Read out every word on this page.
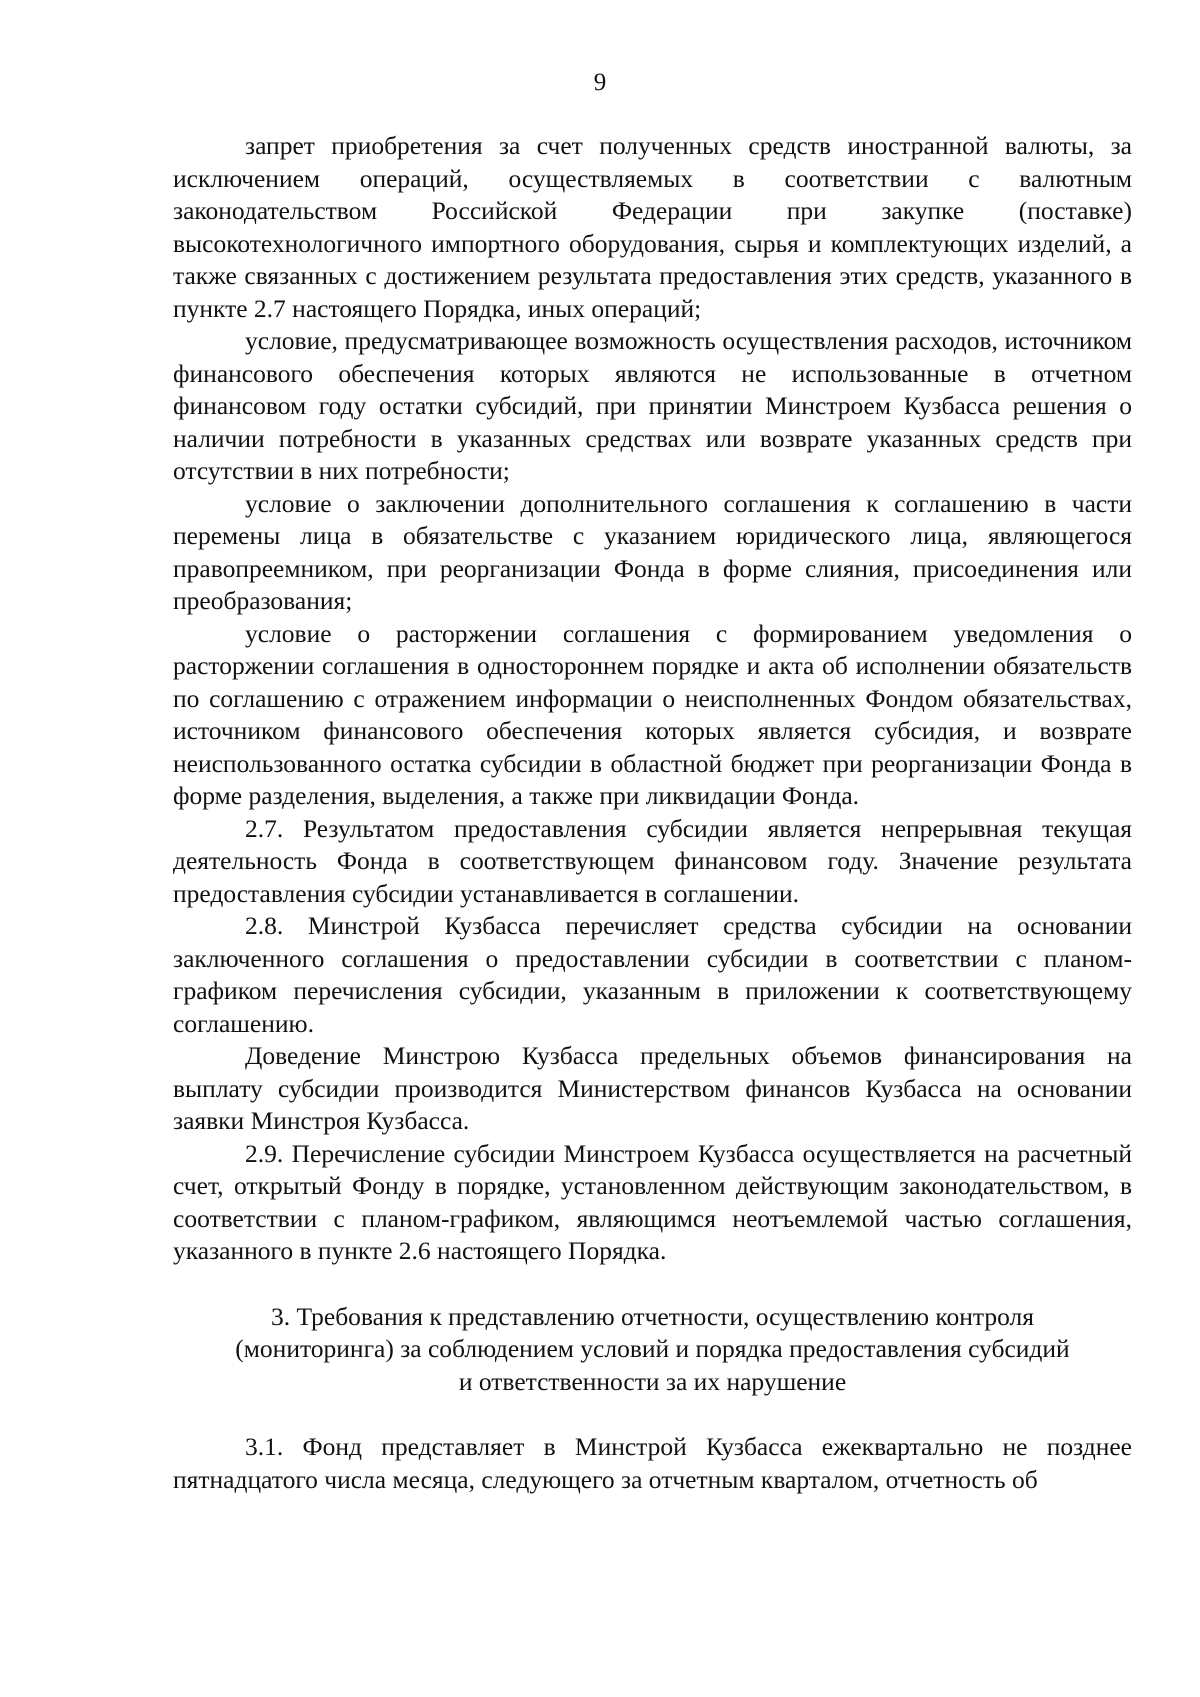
9

запрет приобретения за счет полученных средств иностранной валюты, за исключением операций, осуществляемых в соответствии с валютным законодательством Российской Федерации при закупке (поставке) высокотехнологичного импортного оборудования, сырья и комплектующих изделий, а также связанных с достижением результата предоставления этих средств, указанного в пункте 2.7 настоящего Порядка, иных операций;

условие, предусматривающее возможность осуществления расходов, источником финансового обеспечения которых являются не использованные в отчетном финансовом году остатки субсидий, при принятии Минстроем Кузбасса решения о наличии потребности в указанных средствах или возврате указанных средств при отсутствии в них потребности;

условие о заключении дополнительного соглашения к соглашению в части перемены лица в обязательстве с указанием юридического лица, являющегося правопреемником, при реорганизации Фонда в форме слияния, присоединения или преобразования;

условие о расторжении соглашения с формированием уведомления о расторжении соглашения в одностороннем порядке и акта об исполнении обязательств по соглашению с отражением информации о неисполненных Фондом обязательствах, источником финансового обеспечения которых является субсидия, и возврате неиспользованного остатка субсидии в областной бюджет при реорганизации Фонда в форме разделения, выделения, а также при ликвидации Фонда.

2.7. Результатом предоставления субсидии является непрерывная текущая деятельность Фонда в соответствующем финансовом году. Значение результата предоставления субсидии устанавливается в соглашении.

2.8. Минстрой Кузбасса перечисляет средства субсидии на основании заключенного соглашения о предоставлении субсидии в соответствии с планом-графиком перечисления субсидии, указанным в приложении к соответствующему соглашению.

Доведение Минстрою Кузбасса предельных объемов финансирования на выплату субсидии производится Министерством финансов Кузбасса на основании заявки Минстроя Кузбасса.

2.9. Перечисление субсидии Минстроем Кузбасса осуществляется на расчетный счет, открытый Фонду в порядке, установленном действующим законодательством, в соответствии с планом-графиком, являющимся неотъемлемой частью соглашения, указанного в пункте 2.6 настоящего Порядка.

3. Требования к представлению отчетности, осуществлению контроля
(мониторинга) за соблюдением условий и порядка предоставления субсидий
и ответственности за их нарушение

3.1. Фонд представляет в Минстрой Кузбасса ежеквартально не позднее пятнадцатого числа месяца, следующего за отчетным кварталом, отчетность об
